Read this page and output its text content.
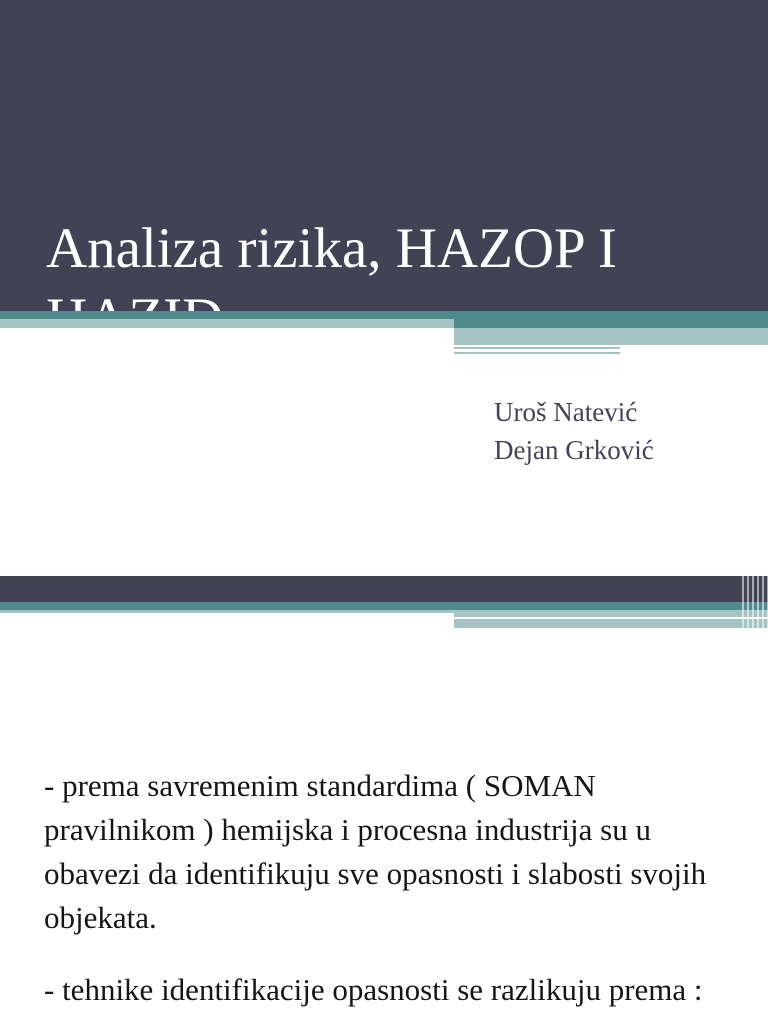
Analiza rizika, HAZOP I
Uroš Natević
Dejan Grković

- prema savremenim standardima ( SOMAN pravilnikom ) hemijska i procesna industrija su u obavezi da identifikuju sve opasnosti i slabosti svojih objekata.

- tehnike identifikacije opasnosti se razlikuju prema :
